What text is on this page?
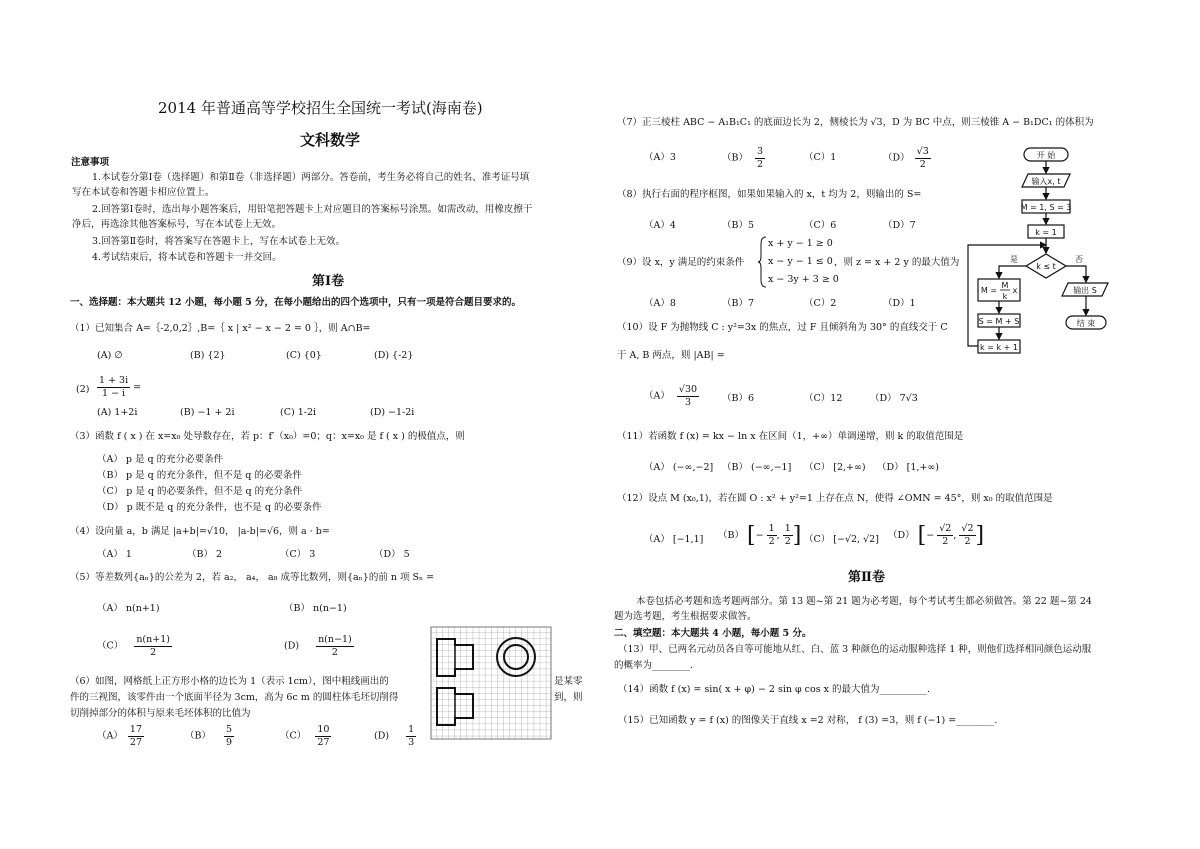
2014 年普通高等学校招生全国统一考试(海南卷)
文科数学
注意事项
1.本试卷分第Ⅰ卷（选择题）和第Ⅱ卷（非选择题）两部分。答卷前，考生务必将自己的姓名、准考证号填
写在本试卷和答题卡相应位置上。
2.回答第Ⅰ卷时，选出每小题答案后，用铅笔把答题卡上对应题目的答案标号涂黑。如需改动，用橡皮擦干
净后，再选涂其他答案标号，写在本试卷上无效。
3.回答第Ⅱ卷时，将答案写在答题卡上，写在本试卷上无效。
4.考试结束后，将本试卷和答题卡一并交回。
第Ⅰ卷
一、选择题：本大题共 12 小题，每小题 5 分，在每小题给出的四个选项中，只有一项是符合题目要求的。
（1）已知集合 A=｛-2,0,2｝,B=｛ x | x² − x − 2 = 0 ｝，则 A∩B=
(A) ∅	(B) {2}	(C) {0}	(D) {-2}
$(2) \frac{1 + 3i}{1 - i}$ =
(A) 1+2i	(B) −1 + 2i	(C) 1-2i	(D) −1-2i
（3）函数 f ( x ) 在 x=x₀ 处导数存在，若 p：f′（x₀）=0；q：x=x₀ 是 f ( x ) 的极值点，则
（A） p 是 q 的充分必要条件
（B） p 是 q 的充分条件，但不是 q 的必要条件
（C） p 是 q 的必要条件，但不是 q 的充分条件
（D） p 既不是 q 的充分条件，也不是 q 的必要条件
（4）设向量 a，b 满足 |a+b|=√10， |a-b|=√6，则 a · b=
（A） 1	（B） 2	（C） 3	（D） 5
（5）等差数列{aₙ}的公差为 2，若 a₂， a₄， a₈ 成等比数列，则{aₙ}的前 n 项 Sₙ =
（A） n(n+1)	（B） n(n−1)
$(C) \frac{n(n+1)}{2}$	$(D) \frac{n(n-1)}{2}$
（6）如图，网格纸上正方形小格的边长为 1（表示 1cm），图中粗线画出的	是某零
件的三视图，该零件由一个底面半径为 3cm，高为 6c m 的圆柱体毛坯切削得	到，则
切削掉部分的体积与原来毛坯体积的比值为
$(A) \frac{17}{27}$	$(B) \frac{5}{9}$	$(C) \frac{10}{27}$	$(D) \frac{1}{3}$
（7）正三棱柱 ABC − A₁B₁C₁ 的底面边长为 2，侧棱长为 √3，D 为 BC 中点，则三棱锥 A − B₁DC₁ 的体积为
（A）3	$(B) \frac{3}{2}$	（C）1	$(D) \frac{√3}{2}$
（8）执行右面的程序框图，如果如果输入的 x，t 均为 2，则输出的 S=
（A）4	（B）5	（C）6	（D）7
（9）设 x，y 满足的约束条件
x + y − 1 ≥ 0
x − y − 1 ≤ 0
x − 3y + 3 ≥ 0
，则 z = x + 2 y 的最大值为
（A）8	（B）7	（C）2	（D）1
（10）设 F 为抛物线 C : y²=3x 的焦点，过 F 且倾斜角为 30° 的直线交于 C
于 A, B 两点，则 |AB| =
$(A) \frac{√30}{3} (B)6$	（C）12	（D） 7√3
（11）若函数 f (x) = kx − ln x 在区间（1，+∞）单调递增，则 k 的取值范围是
（A） (−∞,−2] （B） (−∞,−1] （C） [2,+∞) （D） [1,+∞)
（12）设点 M (x₀,1)，若在圆 O : x² + y²=1 上存在点 N，使得 ∠OMN = 45°，则 x₀ 的取值范围是
（A） [−1,1] （B） [− $\frac{1}{2}$ , $\frac{1}{2}$ ] （C） [−√2, √2] （D） [− $\frac{√2}{2}$ , $\frac{√2}{2}$ ]
第Ⅱ卷
本卷包括必考题和选考题两部分。第 13 题~第 21 题为必考题，每个考试考生都必须做答。第 22 题~第 24
题为选考题，考生根据要求做答。
二、填空题：本大题共 4 小题，每小题 5 分。
（13）甲、已两名元动员各自等可能地从红、白、蓝 3 种颜色的运动服种选择 1 种，则他们选择相同颜色运动服
的概率为________.
（14）函数 f (x) = sin( x + φ) − 2 sin φ cos x 的最大值为__________.
（15）已知函数 y = f (x) 的图像关于直线 x =2 对称， f (3) =3，则 f (−1) =________.
开 始
输入x, t
M = 1, S = 3
k = 1
k ≤ t
是	否
M =
M
k
x
S = M + S
k = k + 1
输出 S
结 束
